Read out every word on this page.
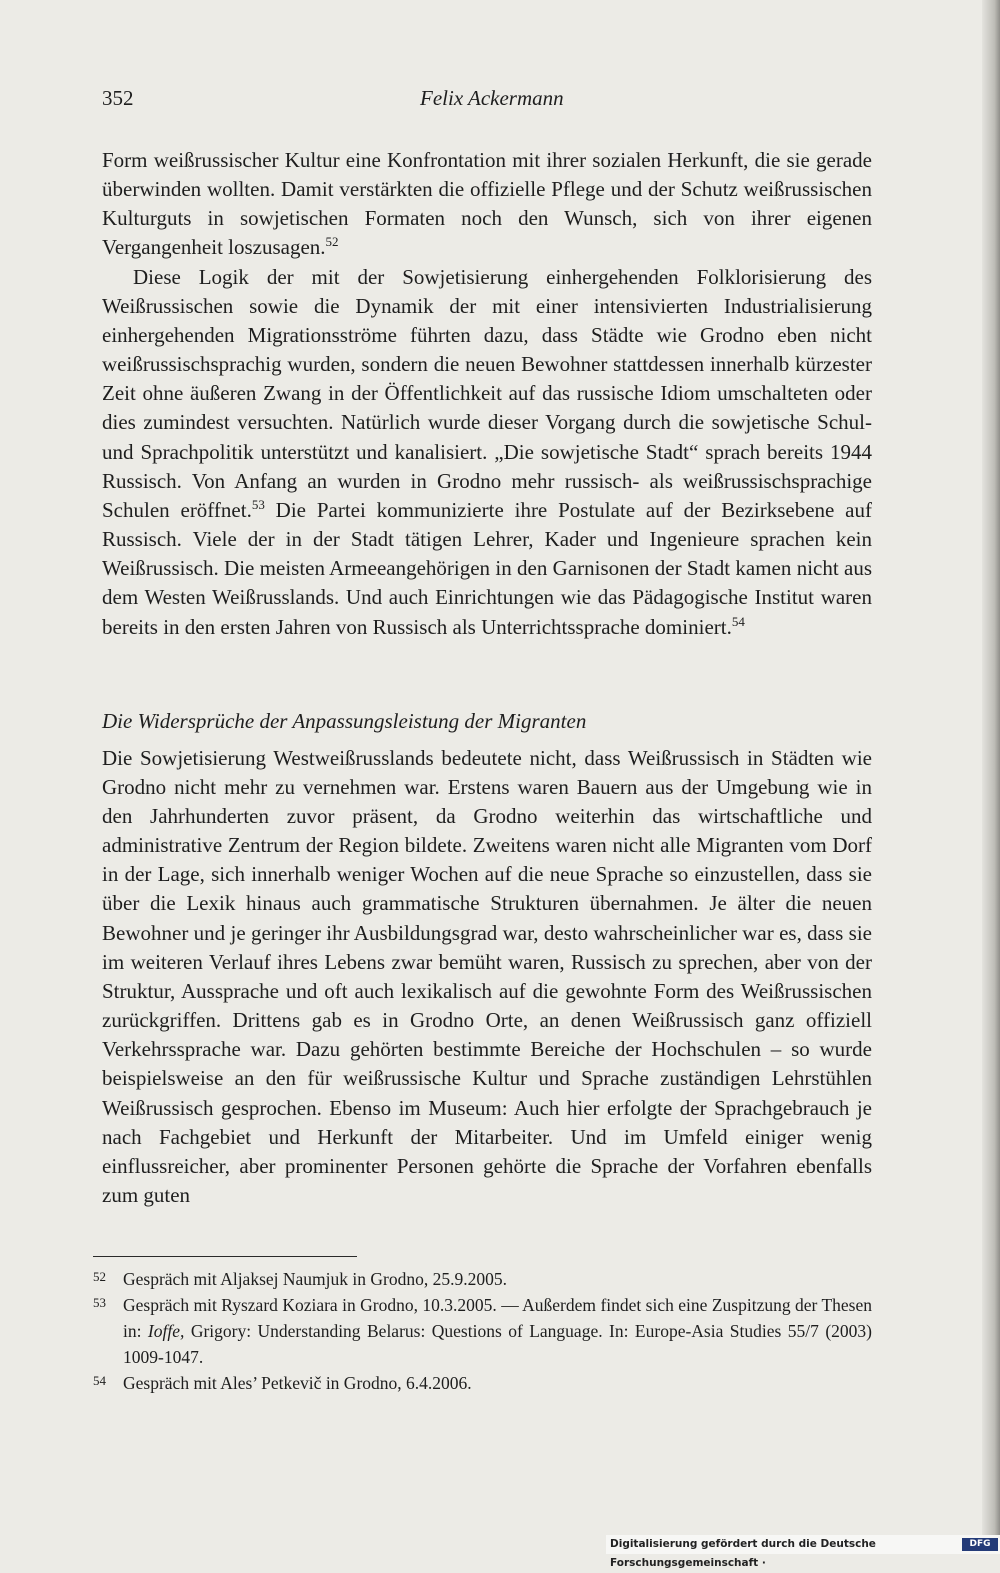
352	Felix Ackermann

Form weißrussischer Kultur eine Konfrontation mit ihrer sozialen Herkunft, die sie gerade überwinden wollten. Damit verstärkten die offizielle Pflege und der Schutz weißrussischen Kulturguts in sowjetischen Formaten noch den Wunsch, sich von ihrer eigenen Vergangenheit loszusagen.$^{52}$

Diese Logik der mit der Sowjetisierung einhergehenden Folklorisierung des Weißrussischen sowie die Dynamik der mit einer intensivierten Industrialisierung einhergehenden Migrationsströme führten dazu, dass Städte wie Grodno eben nicht weißrussischsprachig wurden, sondern die neuen Bewohner stattdessen innerhalb kürzester Zeit ohne äußeren Zwang in der Öffentlichkeit auf das russische Idiom umschalteten oder dies zumindest versuchten. Natürlich wurde dieser Vorgang durch die sowjetische Schul- und Sprachpolitik unterstützt und kanalisiert. „Die sowjetische Stadt“ sprach bereits 1944 Russisch. Von Anfang an wurden in Grodno mehr russisch- als weißrussischsprachige Schulen eröffnet.$^{53}$ Die Partei kommunizierte ihre Postulate auf der Bezirksebene auf Russisch. Viele der in der Stadt tätigen Lehrer, Kader und Ingenieure sprachen kein Weißrussisch. Die meisten Armeeangehörigen in den Garnisonen der Stadt kamen nicht aus dem Westen Weißrusslands. Und auch Einrichtungen wie das Pädagogische Institut waren bereits in den ersten Jahren von Russisch als Unterrichtssprache dominiert.$^{54}$

Die Widersprüche der Anpassungsleistung der Migranten

Die Sowjetisierung Westweißrusslands bedeutete nicht, dass Weißrussisch in Städten wie Grodno nicht mehr zu vernehmen war. Erstens waren Bauern aus der Umgebung wie in den Jahrhunderten zuvor präsent, da Grodno weiterhin das wirtschaftliche und administrative Zentrum der Region bildete. Zweitens waren nicht alle Migranten vom Dorf in der Lage, sich innerhalb weniger Wochen auf die neue Sprache so einzustellen, dass sie über die Lexik hinaus auch grammatische Strukturen übernahmen. Je älter die neuen Bewohner und je geringer ihr Ausbildungsgrad war, desto wahrscheinlicher war es, dass sie im weiteren Verlauf ihres Lebens zwar bemüht waren, Russisch zu sprechen, aber von der Struktur, Aussprache und oft auch lexikalisch auf die gewohnte Form des Weißrussischen zurückgriffen. Drittens gab es in Grodno Orte, an denen Weißrussisch ganz offiziell Verkehrssprache war. Dazu gehörten bestimmte Bereiche der Hochschulen – so wurde beispielsweise an den für weißrussische Kultur und Sprache zuständigen Lehrstühlen Weißrussisch gesprochen. Ebenso im Museum: Auch hier erfolgte der Sprachgebrauch je nach Fachgebiet und Herkunft der Mitarbeiter. Und im Umfeld einiger wenig einflussreicher, aber prominenter Personen gehörte die Sprache der Vorfahren ebenfalls zum guten

52 Gespräch mit Aljaksej Naumjuk in Grodno, 25.9.2005.
53 Gespräch mit Ryszard Koziara in Grodno, 10.3.2005. — Außerdem findet sich eine Zuspitzung der Thesen in: Ioffe, Grigory: Understanding Belarus: Questions of Language. In: Europe-Asia Studies 55/7 (2003) 1009-1047.
54 Gespräch mit Ales’ Petkevič in Grodno, 6.4.2006.
Digitalisierung gefördert durch die Deutsche Forschungsgemeinschaft ·
DFG
